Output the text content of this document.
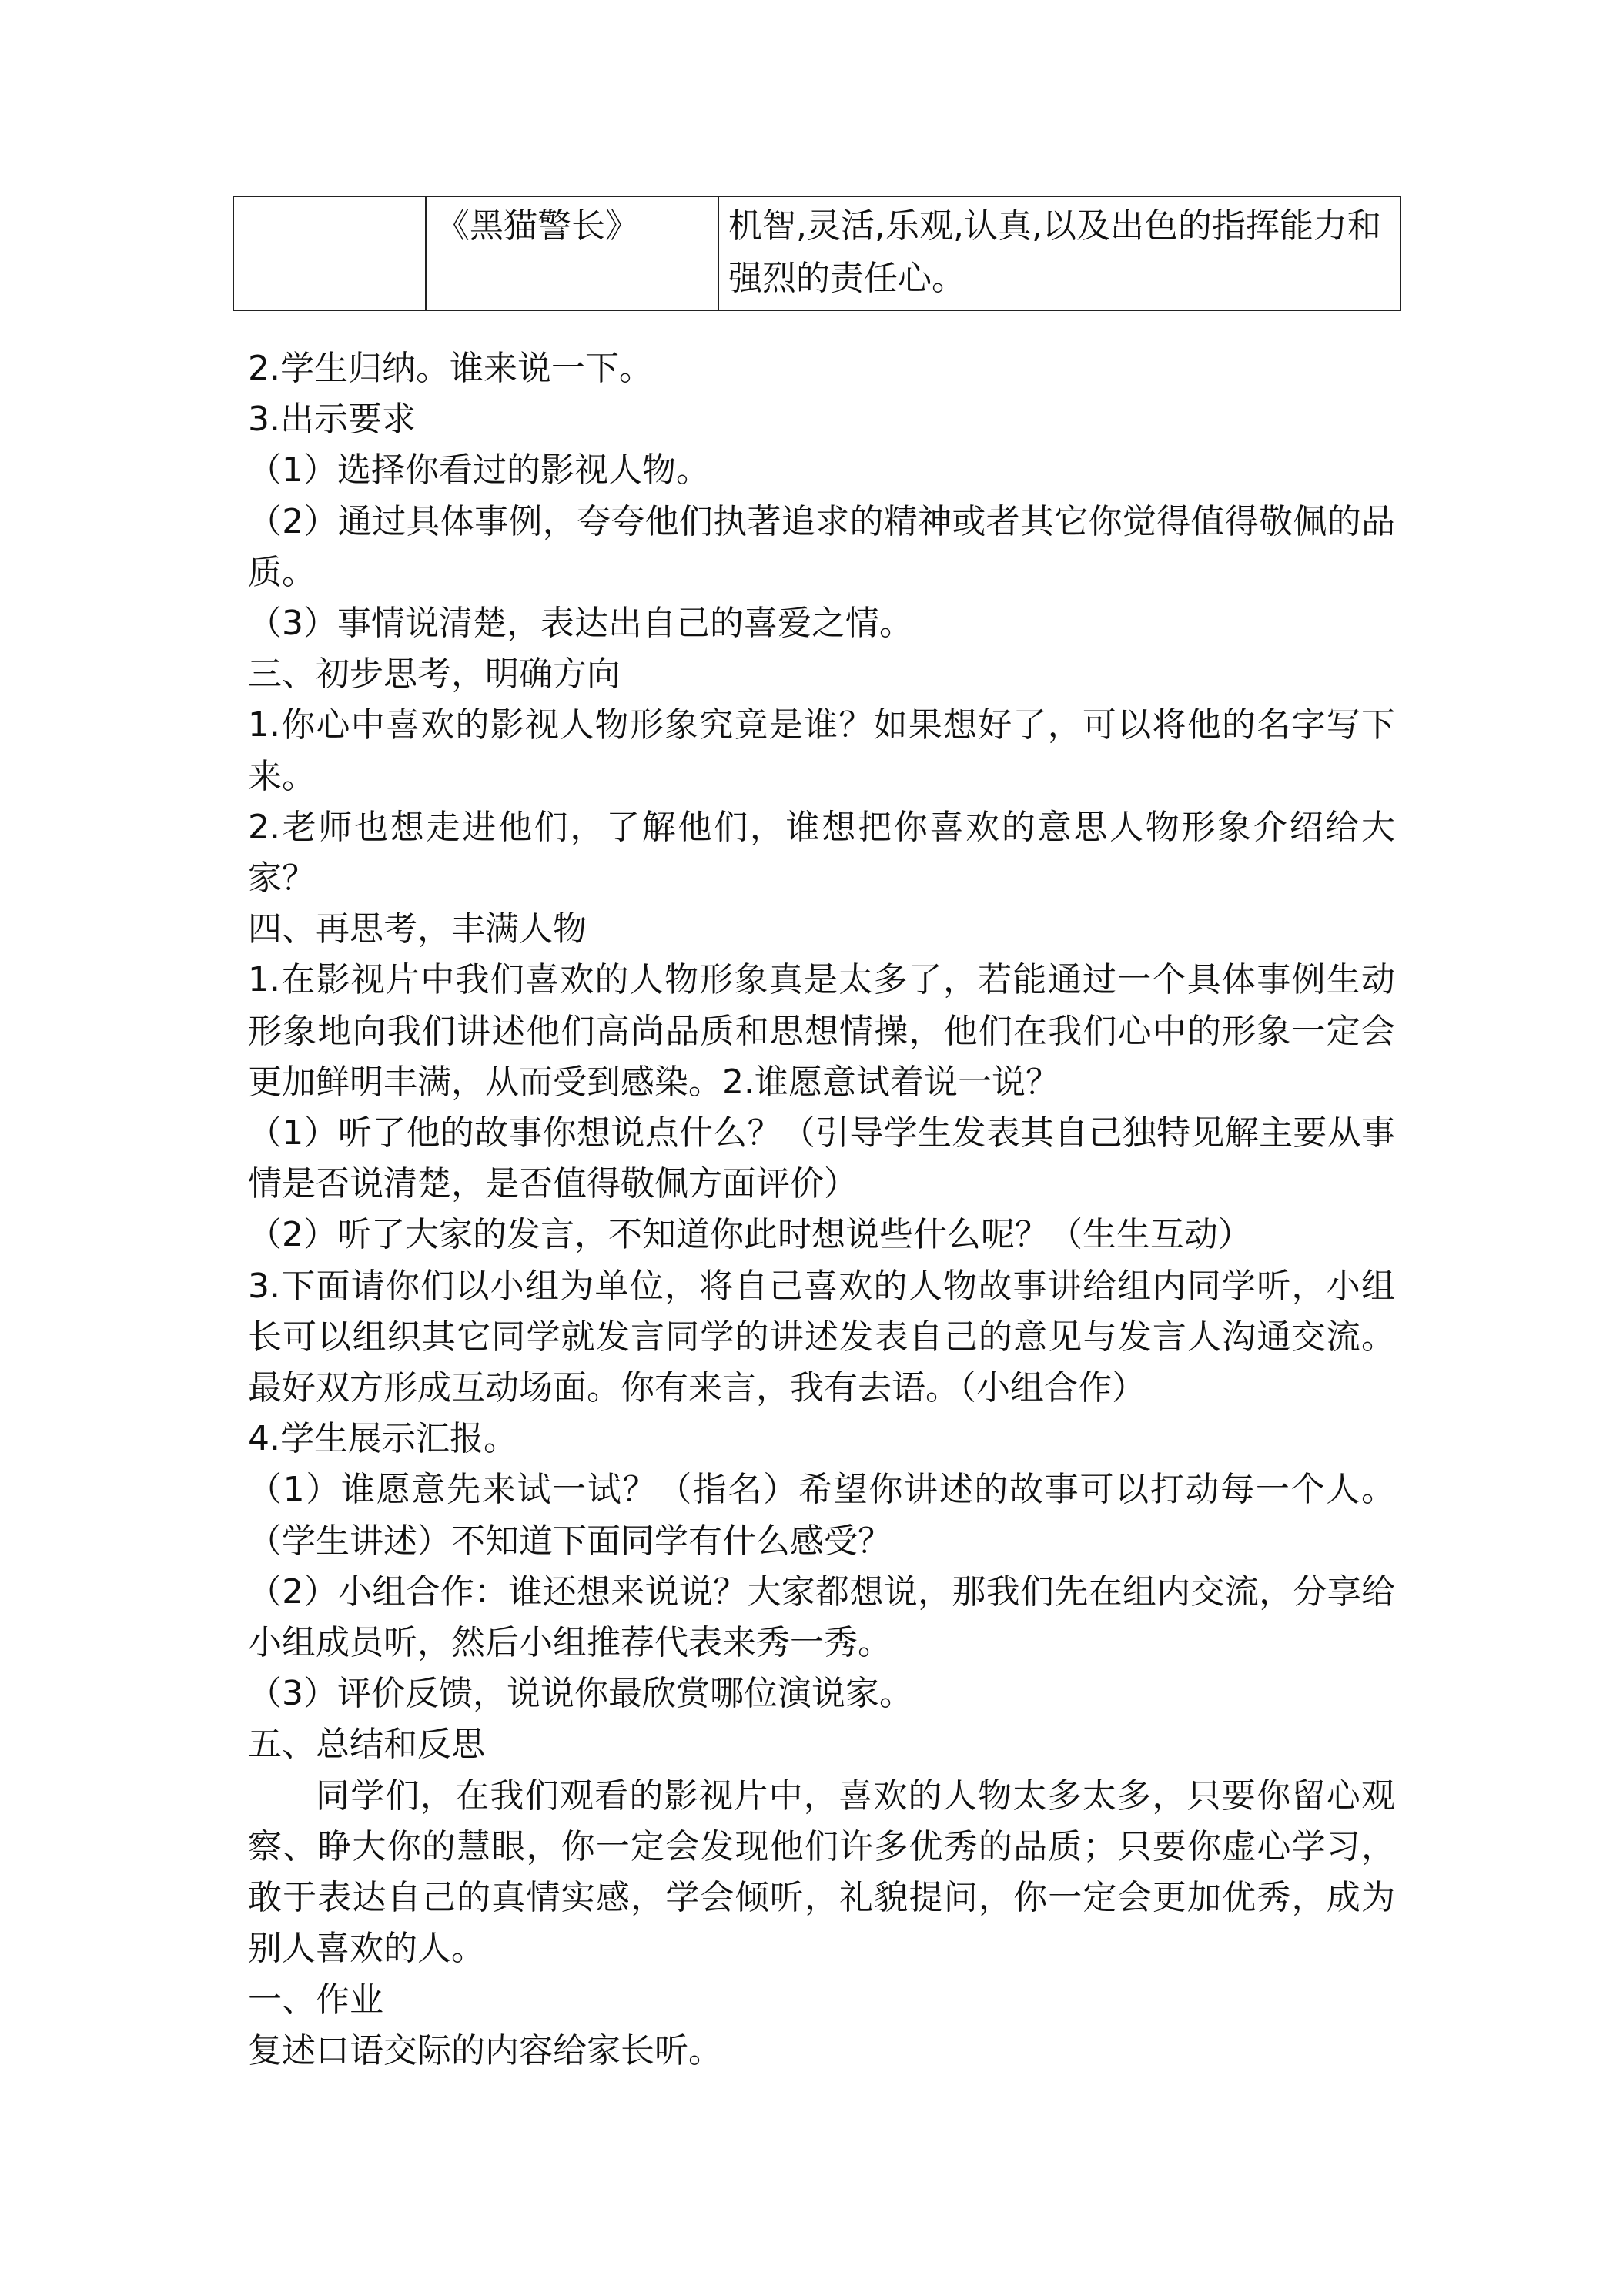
	《黑猫警长》	机智,灵活,乐观,认真,以及出色的指挥能力和强烈的责任心。

2.学生归纳。谁来说一下。

3.出示要求

（1）选择你看过的影视人物。

（2）通过具体事例，夸夸他们执著追求的精神或者其它你觉得值得敬佩的品质。

（3）事情说清楚，表达出自己的喜爱之情。

三、初步思考，明确方向

1.你心中喜欢的影视人物形象究竟是谁？如果想好了，可以将他的名字写下来。

2.老师也想走进他们，了解他们，谁想把你喜欢的意思人物形象介绍给大家？

四、再思考，丰满人物

1.在影视片中我们喜欢的人物形象真是太多了，若能通过一个具体事例生动形象地向我们讲述他们高尚品质和思想情操，他们在我们心中的形象一定会更加鲜明丰满，从而受到感染。2.谁愿意试着说一说？

（1）听了他的故事你想说点什么？（引导学生发表其自己独特见解主要从事情是否说清楚，是否值得敬佩方面评价）

（2）听了大家的发言，不知道你此时想说些什么呢？（生生互动）

3.下面请你们以小组为单位，将自己喜欢的人物故事讲给组内同学听，小组长可以组织其它同学就发言同学的讲述发表自己的意见与发言人沟通交流。最好双方形成互动场面。你有来言，我有去语。（小组合作）

4.学生展示汇报。

（1）谁愿意先来试一试？（指名）希望你讲述的故事可以打动每一个人。（学生讲述）不知道下面同学有什么感受？

（2）小组合作：谁还想来说说？大家都想说，那我们先在组内交流，分享给小组成员听，然后小组推荐代表来秀一秀。

（3）评价反馈，说说你最欣赏哪位演说家。

五、总结和反思

同学们，在我们观看的影视片中，喜欢的人物太多太多，只要你留心观察、睁大你的慧眼，你一定会发现他们许多优秀的品质；只要你虚心学习，敢于表达自己的真情实感，学会倾听，礼貌提问，你一定会更加优秀，成为别人喜欢的人。

一、作业

复述口语交际的内容给家长听。
